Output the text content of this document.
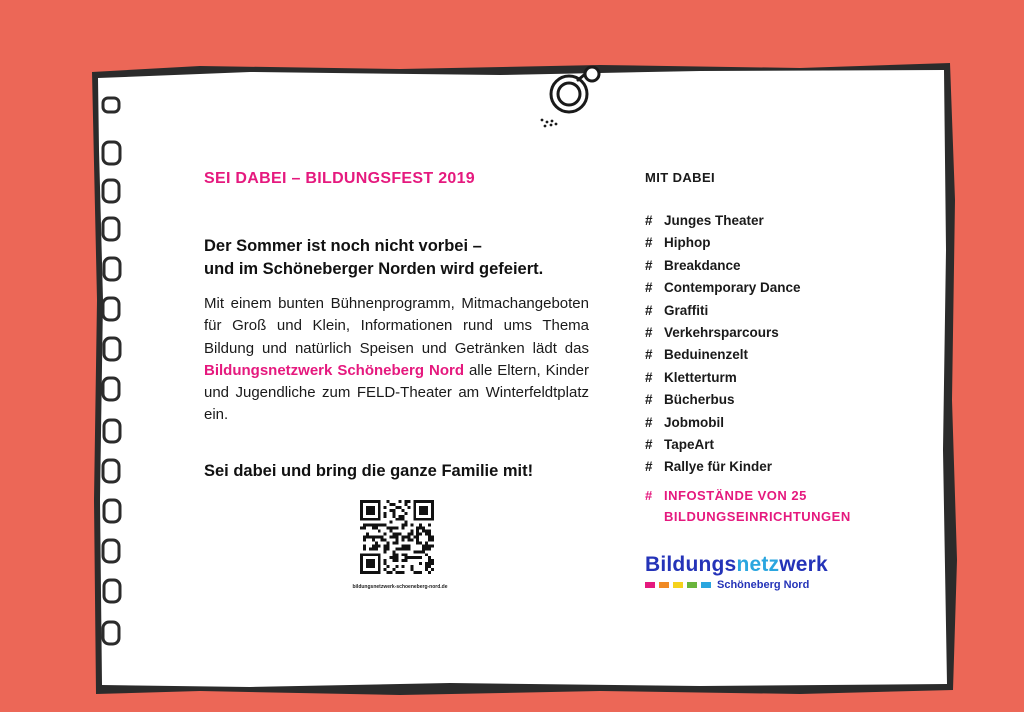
SEI DABEI – BILDUNGSFEST 2019
Der Sommer ist noch nicht vorbei –
und im Schöneberger Norden wird gefeiert.
Mit einem bunten Bühnenprogramm, Mitmachangeboten für Groß und Klein, Informationen rund ums Thema Bildung und natürlich Speisen und Getränken lädt das Bildungsnetzwerk Schöneberg Nord alle Eltern, Kinder und Jugendliche zum FELD-Theater am Winterfeldtplatz ein.
Sei dabei und bring die ganze Familie mit!
bildungsnetzwerk-schoeneberg-nord.de
MIT DABEI
# Junges Theater
# Hiphop
# Breakdance
# Contemporary Dance
# Graffiti
# Verkehrsparcours
# Beduinenzelt
# Kletterturm
# Bücherbus
# Jobmobil
# TapeArt
# Rallye für Kinder
# INFOSTÄNDE VON 25
BILDUNGSEINRICHTUNGEN
Bildungsnetzwerk
Schöneberg Nord
